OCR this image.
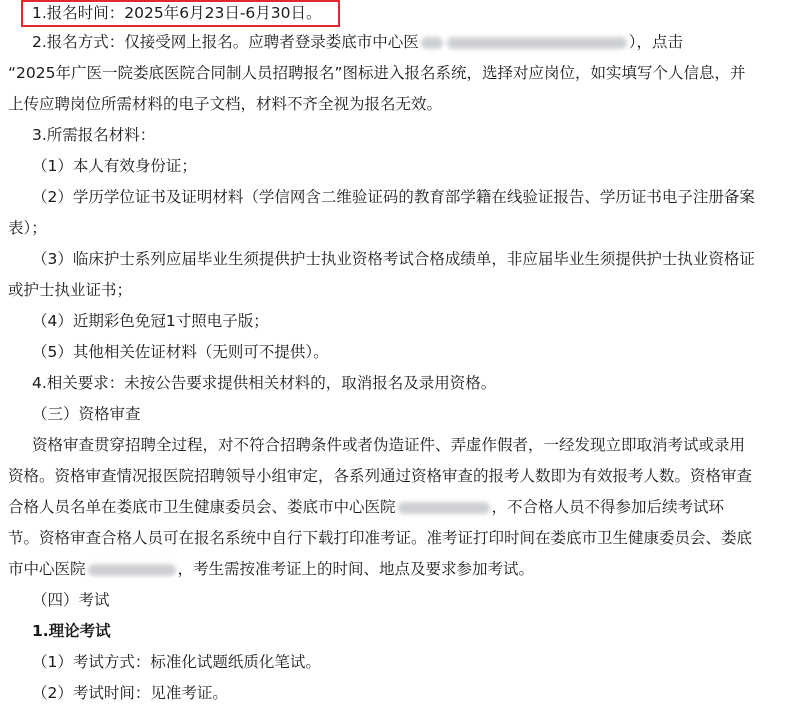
1.报名时间：2025年6月23日-6月30日。
2.报名方式：仅接受网上报名。应聘者登录娄底市中心医	），点击
“2025年广医一院娄底医院合同制人员招聘报名”图标进入报名系统，选择对应岗位，如实填写个人信息，并
上传应聘岗位所需材料的电子文档，材料不齐全视为报名无效。
3.所需报名材料：
（1）本人有效身份证；
（2）学历学位证书及证明材料（学信网含二维验证码的教育部学籍在线验证报告、学历证书电子注册备案
表）；
（3）临床护士系列应届毕业生须提供护士执业资格考试合格成绩单，非应届毕业生须提供护士执业资格证
或护士执业证书；
（4）近期彩色免冠1寸照电子版；
（5）其他相关佐证材料（无则可不提供）。
4.相关要求：未按公告要求提供相关材料的，取消报名及录用资格。
（三）资格审查
资格审查贯穿招聘全过程，对不符合招聘条件或者伪造证件、弄虚作假者，一经发现立即取消考试或录用
资格。资格审查情况报医院招聘领导小组审定，各系列通过资格审查的报考人数即为有效报考人数。资格审查
合格人员名单在娄底市卫生健康委员会、娄底市中心医院	，不合格人员不得参加后续考试环
节。资格审查合格人员可在报名系统中自行下载打印准考证。准考证打印时间在娄底市卫生健康委员会、娄底
市中心医院	，考生需按准考证上的时间、地点及要求参加考试。
（四）考试
1.理论考试
（1）考试方式：标准化试题纸质化笔试。
（2）考试时间：见准考证。
